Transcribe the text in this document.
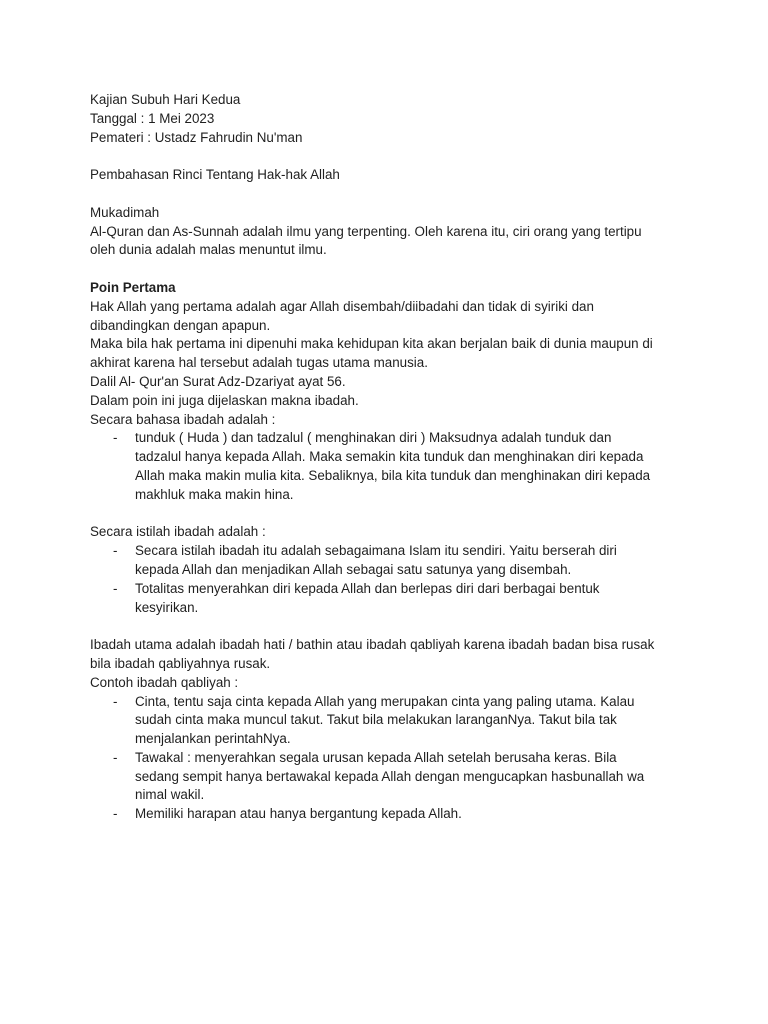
Kajian Subuh Hari Kedua
Tanggal : 1 Mei 2023
Pemateri : Ustadz Fahrudin Nu'man
Pembahasan Rinci Tentang Hak-hak Allah
Mukadimah
Al-Quran dan As-Sunnah adalah ilmu yang terpenting. Oleh karena itu, ciri orang yang tertipu
oleh dunia adalah malas menuntut ilmu.
Poin Pertama
Hak Allah yang pertama adalah agar Allah disembah/diibadahi dan tidak di syiriki dan
dibandingkan dengan apapun.
Maka bila hak pertama ini dipenuhi maka kehidupan kita akan berjalan baik di dunia maupun di
akhirat karena hal tersebut adalah tugas utama manusia.
Dalil Al- Qur'an Surat Adz-Dzariyat ayat 56.
Dalam poin ini juga dijelaskan makna ibadah.
Secara bahasa ibadah adalah :
- tunduk ( Huda ) dan tadzalul ( menghinakan diri ) Maksudnya adalah tunduk dan
tadzalul hanya kepada Allah. Maka semakin kita tunduk dan menghinakan diri kepada
Allah maka makin mulia kita. Sebaliknya, bila kita tunduk dan menghinakan diri kepada
makhluk maka makin hina.
Secara istilah ibadah adalah :
- Secara istilah ibadah itu adalah sebagaimana Islam itu sendiri. Yaitu berserah diri
kepada Allah dan menjadikan Allah sebagai satu satunya yang disembah.
- Totalitas menyerahkan diri kepada Allah dan berlepas diri dari berbagai bentuk
kesyirikan.
Ibadah utama adalah ibadah hati / bathin atau ibadah qabliyah karena ibadah badan bisa rusak
bila ibadah qabliyahnya rusak.
Contoh ibadah qabliyah :
- Cinta, tentu saja cinta kepada Allah yang merupakan cinta yang paling utama. Kalau
sudah cinta maka muncul takut. Takut bila melakukan laranganNya. Takut bila tak
menjalankan perintahNya.
- Tawakal : menyerahkan segala urusan kepada Allah setelah berusaha keras. Bila
sedang sempit hanya bertawakal kepada Allah dengan mengucapkan hasbunallah wa
nimal wakil.
- Memiliki harapan atau hanya bergantung kepada Allah.
